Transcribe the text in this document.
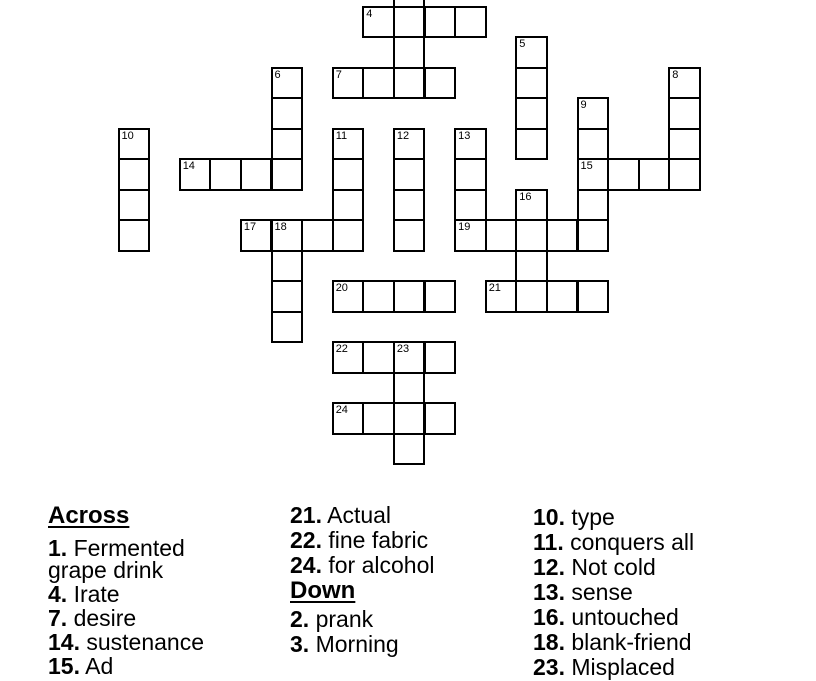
4
5
6	7	8
9
10	11	12	13
14	15
16
17 18	19
20	21
22	23
24
Across

1. Fermented grape drink

4. Irate

7. desire

14. sustenance

15. Ad

21. Actual

22. fine fabric

24. for alcohol

Down

2. prank

3. Morning

10. type

11. conquers all

12. Not cold

13. sense

16. untouched

18. blank-friend

23. Misplaced
